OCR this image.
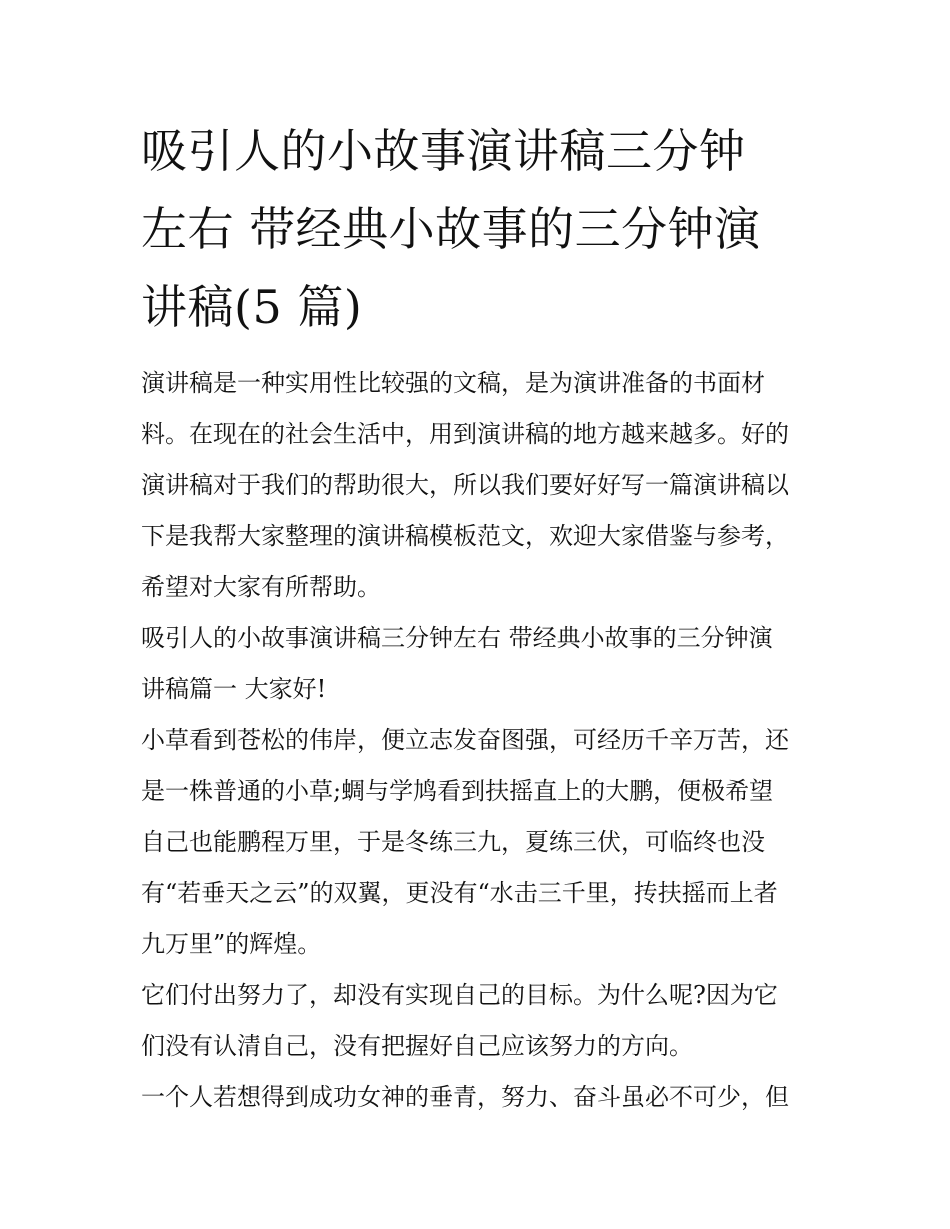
吸引人的小故事演讲稿三分钟
左右 带经典小故事的三分钟演
讲稿(5 篇)

演讲稿是一种实用性比较强的文稿，是为演讲准备的书面材
料。在现在的社会生活中，用到演讲稿的地方越来越多。好的
演讲稿对于我们的帮助很大，所以我们要好好写一篇演讲稿以
下是我帮大家整理的演讲稿模板范文，欢迎大家借鉴与参考，
希望对大家有所帮助。

吸引人的小故事演讲稿三分钟左右 带经典小故事的三分钟演
讲稿篇一 大家好!

小草看到苍松的伟岸，便立志发奋图强，可经历千辛万苦，还
是一株普通的小草;蜩与学鸠看到扶摇直上的大鹏，便极希望
自己也能鹏程万里，于是冬练三九，夏练三伏，可临终也没
有“若垂天之云”的双翼，更没有“水击三千里，抟扶摇而上者
九万里”的辉煌。

它们付出努力了，却没有实现自己的目标。为什么呢?因为它
们没有认清自己，没有把握好自己应该努力的方向。

一个人若想得到成功女神的垂青，努力、奋斗虽必不可少，但
